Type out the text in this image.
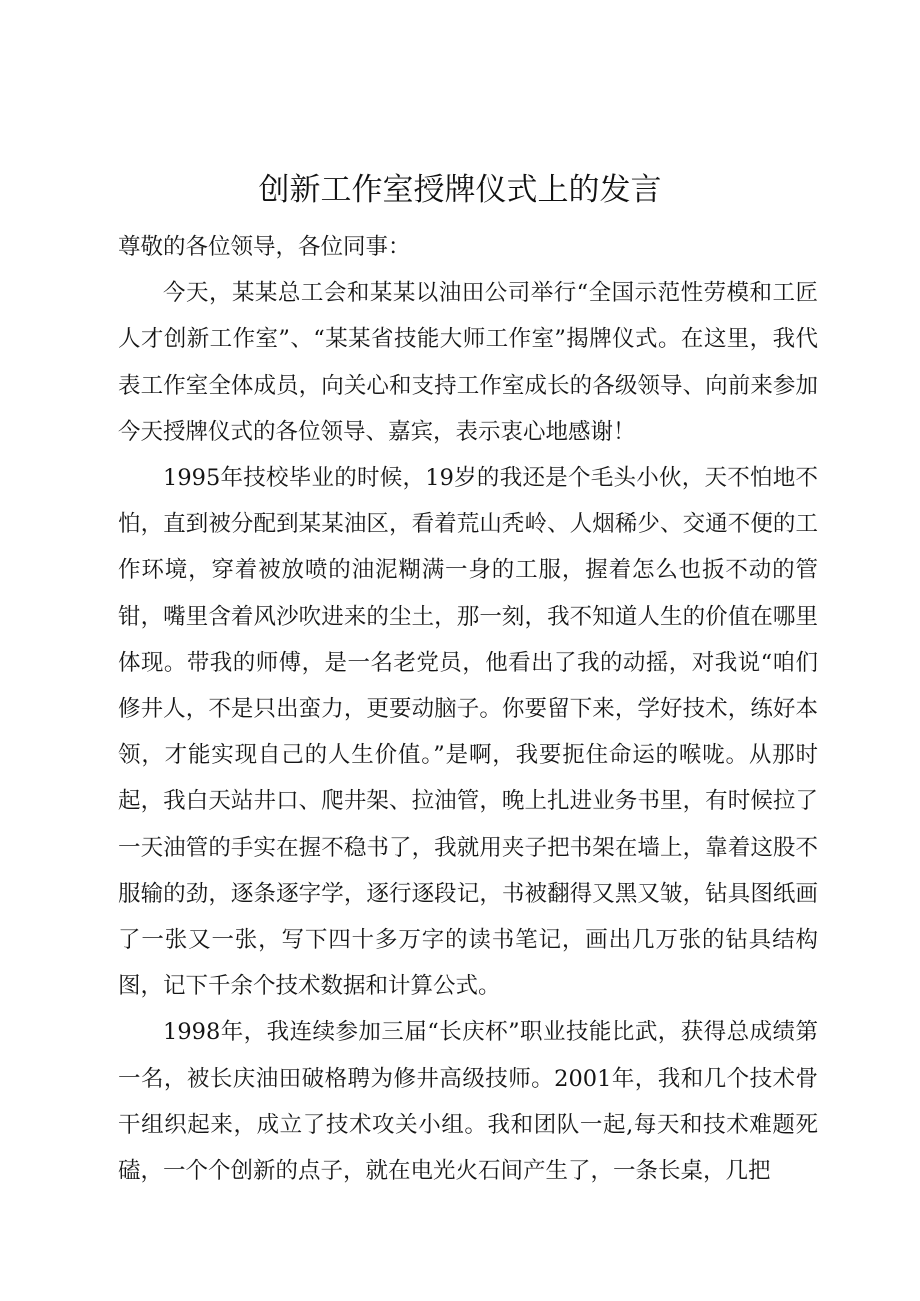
创新工作室授牌仪式上的发言

尊敬的各位领导，各位同事：

今天，某某总工会和某某以油田公司举行“全国示范性劳模和工匠人才创新工作室”、“某某省技能大师工作室”揭牌仪式。在这里，我代表工作室全体成员，向关心和支持工作室成长的各级领导、向前来参加今天授牌仪式的各位领导、嘉宾，表示衷心地感谢！

1995年技校毕业的时候，19岁的我还是个毛头小伙，天不怕地不怕，直到被分配到某某油区，看着荒山秃岭、人烟稀少、交通不便的工作环境，穿着被放喷的油泥糊满一身的工服，握着怎么也扳不动的管钳，嘴里含着风沙吹进来的尘土，那一刻，我不知道人生的价值在哪里体现。带我的师傅，是一名老党员，他看出了我的动摇，对我说“咱们修井人，不是只出蛮力，更要动脑子。你要留下来，学好技术，练好本领，才能实现自己的人生价值。”是啊，我要扼住命运的喉咙。从那时起，我白天站井口、爬井架、拉油管，晚上扎进业务书里，有时候拉了一天油管的手实在握不稳书了，我就用夹子把书架在墙上，靠着这股不服输的劲，逐条逐字学，逐行逐段记，书被翻得又黑又皱，钻具图纸画了一张又一张，写下四十多万字的读书笔记，画出几万张的钻具结构图，记下千余个技术数据和计算公式。

1998年，我连续参加三届“长庆杯”职业技能比武，获得总成绩第一名，被长庆油田破格聘为修井高级技师。2001年，我和几个技术骨干组织起来，成立了技术攻关小组。我和团队一起,每天和技术难题死磕，一个个创新的点子，就在电光火石间产生了，一条长桌，几把
